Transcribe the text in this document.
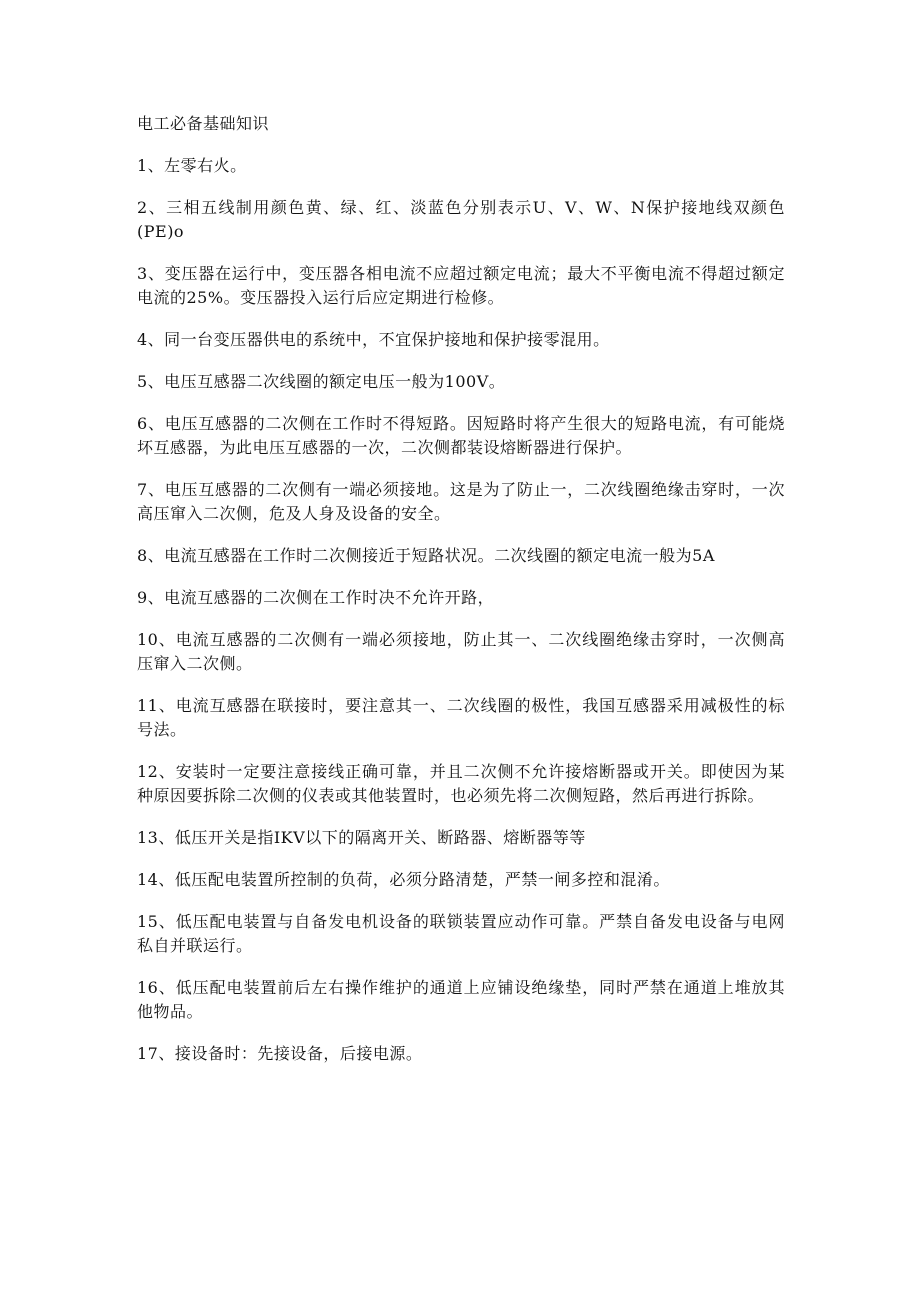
电工必备基础知识
1、左零右火。
2、三相五线制用颜色黄、绿、红、淡蓝色分别表示U、V、W、N保护接地线双颜色(PE)o
3、变压器在运行中，变压器各相电流不应超过额定电流；最大不平衡电流不得超过额定电流的25%。变压器投入运行后应定期进行检修。
4、同一台变压器供电的系统中，不宜保护接地和保护接零混用。
5、电压互感器二次线圈的额定电压一般为100V。
6、电压互感器的二次侧在工作时不得短路。因短路时将产生很大的短路电流，有可能烧坏互感器，为此电压互感器的一次，二次侧都装设熔断器进行保护。
7、电压互感器的二次侧有一端必须接地。这是为了防止一，二次线圈绝缘击穿时，一次高压窜入二次侧，危及人身及设备的安全。
8、电流互感器在工作时二次侧接近于短路状况。二次线圈的额定电流一般为5A
9、电流互感器的二次侧在工作时决不允许开路，
10、电流互感器的二次侧有一端必须接地，防止其一、二次线圈绝缘击穿时，一次侧高压窜入二次侧。
11、电流互感器在联接时，要注意其一、二次线圈的极性，我国互感器采用减极性的标号法。
12、安装时一定要注意接线正确可靠，并且二次侧不允许接熔断器或开关。即使因为某种原因要拆除二次侧的仪表或其他装置时，也必须先将二次侧短路，然后再进行拆除。
13、低压开关是指IKV以下的隔离开关、断路器、熔断器等等
14、低压配电装置所控制的负荷，必须分路清楚，严禁一闸多控和混淆。
15、低压配电装置与自备发电机设备的联锁装置应动作可靠。严禁自备发电设备与电网私自并联运行。
16、低压配电装置前后左右操作维护的通道上应铺设绝缘垫，同时严禁在通道上堆放其他物品。
17、接设备时：先接设备，后接电源。
